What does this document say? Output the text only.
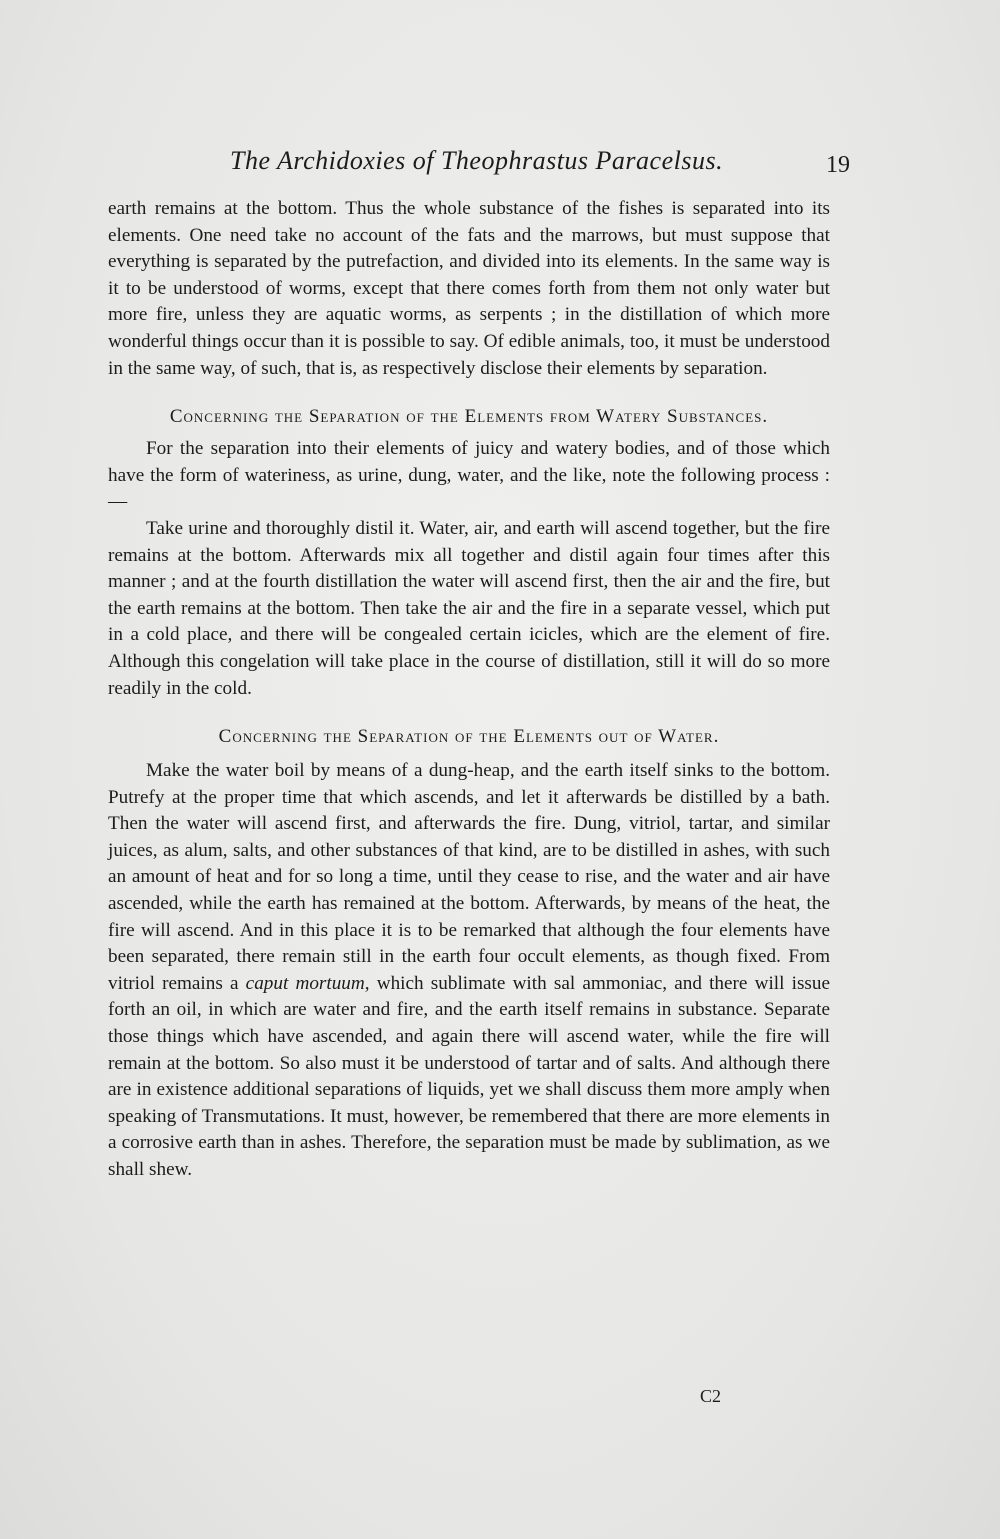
The Archidoxies of Theophrastus Paracelsus.	19

earth remains at the bottom. Thus the whole substance of the fishes is separated into its elements. One need take no account of the fats and the marrows, but must suppose that everything is separated by the putrefaction, and divided into its elements. In the same way is it to be understood of worms, except that there comes forth from them not only water but more fire, unless they are aquatic worms, as serpents ; in the distillation of which more wonderful things occur than it is possible to say. Of edible animals, too, it must be understood in the same way, of such, that is, as respectively disclose their elements by separation.

Concerning the Separation of the Elements from Watery Substances.

For the separation into their elements of juicy and watery bodies, and of those which have the form of wateriness, as urine, dung, water, and the like, note the following process :—

Take urine and thoroughly distil it. Water, air, and earth will ascend together, but the fire remains at the bottom. Afterwards mix all together and distil again four times after this manner ; and at the fourth distillation the water will ascend first, then the air and the fire, but the earth remains at the bottom. Then take the air and the fire in a separate vessel, which put in a cold place, and there will be congealed certain icicles, which are the element of fire. Although this congelation will take place in the course of distillation, still it will do so more readily in the cold.

Concerning the Separation of the Elements out of Water.

Make the water boil by means of a dung-heap, and the earth itself sinks to the bottom. Putrefy at the proper time that which ascends, and let it afterwards be distilled by a bath. Then the water will ascend first, and afterwards the fire. Dung, vitriol, tartar, and similar juices, as alum, salts, and other substances of that kind, are to be distilled in ashes, with such an amount of heat and for so long a time, until they cease to rise, and the water and air have ascended, while the earth has remained at the bottom. Afterwards, by means of the heat, the fire will ascend. And in this place it is to be remarked that although the four elements have been separated, there remain still in the earth four occult elements, as though fixed. From vitriol remains a caput mortuum, which sublimate with sal ammoniac, and there will issue forth an oil, in which are water and fire, and the earth itself remains in substance. Separate those things which have ascended, and again there will ascend water, while the fire will remain at the bottom. So also must it be understood of tartar and of salts. And although there are in existence additional separations of liquids, yet we shall discuss them more amply when speaking of Transmutations. It must, however, be remembered that there are more elements in a corrosive earth than in ashes. Therefore, the separation must be made by sublimation, as we shall shew.

C2
